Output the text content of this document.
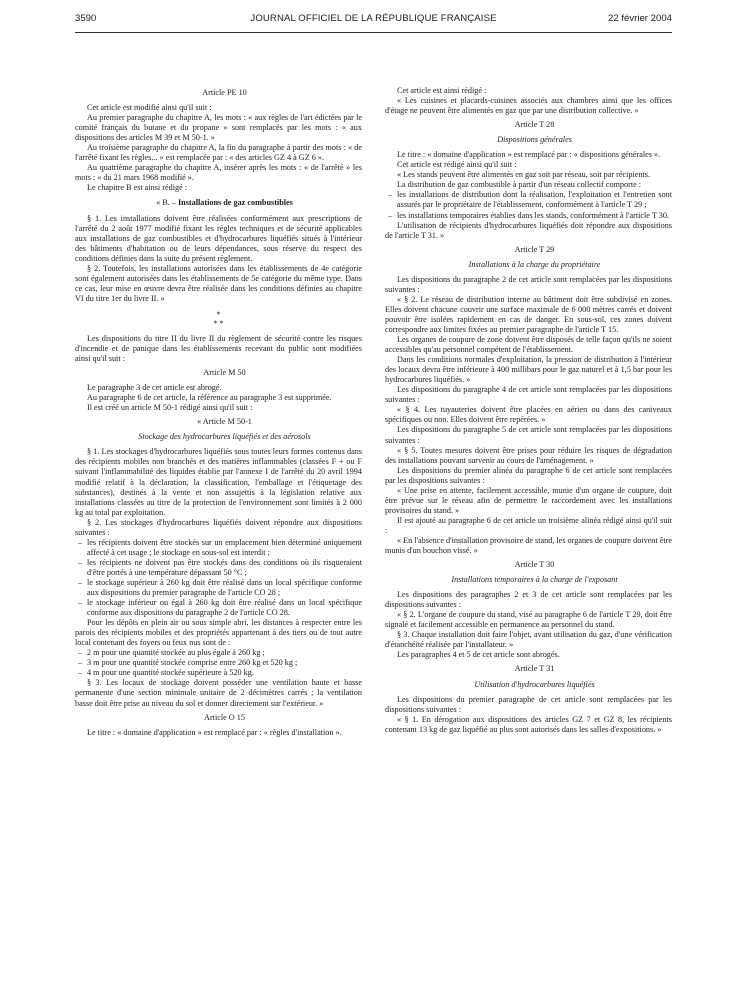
3590	JOURNAL OFFICIEL DE LA RÉPUBLIQUE FRANÇAISE	22 février 2004

Article PE 10

Cet article est modifié ainsi qu'il suit :

Au premier paragraphe du chapitre A, les mots : « aux règles de l'art édictées par le comité français du butane et du propane » sont remplacés par les mots : « aux dispositions des articles M 39 et M 50-1. »

Au troisième paragraphe du chapitre A, la fin du paragraphe à partir des mots : « de l'arrêté fixant les règles... » est remplacée par : « des articles GZ 4 à GZ 6 ».

Au quatrième paragraphe du chapitre A, insérer après les mots : « de l'arrêté » les mots : « du 21 mars 1968 modifié ».

Le chapitre B est ainsi rédigé :

« B. – Installations de gaz combustibles

§ 1. Les installations doivent être réalisées conformément aux prescriptions de l'arrêté du 2 août 1977 modifié fixant les règles techniques et de sécurité applicables aux installations de gaz combustibles et d'hydrocarbures liquéfiés situés à l'intérieur des bâtiments d'habitation ou de leurs dépendances, sous réserve du respect des conditions définies dans la suite du présent règlement.

§ 2. Toutefois, les installations autorisées dans les établissements de 4e catégorie sont également autorisées dans les établissements de 5e catégorie du même type. Dans ce cas, leur mise en œuvre devra être réalisée dans les conditions définies au chapitre VI du titre 1er du livre II. »

*
* *

Les dispositions du titre II du livre II du règlement de sécurité contre les risques d'incendie et de panique dans les établissements recevant du public sont modifiées ainsi qu'il suit :

Article M 50

Le paragraphe 3 de cet article est abrogé.

Au paragraphe 6 de cet article, la référence au paragraphe 3 est supprimée.

Il est créé un article M 50-1 rédigé ainsi qu'il suit :

« Article M 50-1

Stockage des hydrocarbures liquéfiés et des aérosols

§ 1. Les stockages d'hydrocarbures liquéfiés sous toutes leurs formes contenus dans des récipients mobiles non branchés et des matières inflammables (classées F + ou F suivant l'inflammabilité des liquides établie par l'annexe I de l'arrêté du 20 avril 1994 modifié relatif à la déclaration, la classification, l'emballage et l'étiquetage des substances), destinés à la vente et non assujettis à la législation relative aux installations classées au titre de la protection de l'environnement sont limités à 2 000 kg au total par exploitation.

§ 2. Les stockages d'hydrocarbures liquéfiés doivent répondre aux dispositions suivantes :

– les récipients doivent être stockés sur un emplacement bien déterminé uniquement affecté à cet usage ; le stockage en sous-sol est interdit ;

– les récipients ne doivent pas être stockés dans des conditions où ils risqueraient d'être portés à une température dépassant 50 °C ;

– le stockage supérieur à 260 kg doit être réalisé dans un local spécifique conforme aux dispositions du premier paragraphe de l'article CO 28 ;

– le stockage inférieur ou égal à 260 kg doit être réalisé dans un local spécifique conforme aux dispositions du paragraphe 2 de l'article CO 28.

Pour les dépôts en plein air ou sous simple abri, les distances à respecter entre les parois des récipients mobiles et des propriétés appartenant à des tiers ou de tout autre local contenant des foyers ou feux nus sont de :

– 2 m pour une quantité stockée au plus égale à 260 kg ;

– 3 m pour une quantité stockée comprise entre 260 kg et 520 kg ;

– 4 m pour une quantité stockée supérieure à 520 kg.

§ 3. Les locaux de stockage doivent posséder une ventilation haute et basse permanente d'une section minimale unitaire de 2 décimètres carrés ; la ventilation basse doit être prise au niveau du sol et donner directement sur l'extérieur. »

Article O 15

Le titre : « domaine d'application » est remplacé par : « règles d'installation ».

Cet article est ainsi rédigé :

« Les cuisines et placards-cuisines associés aux chambres ainsi que les offices d'étage ne peuvent être alimentés en gaz que par une distribution collective. »

Article T 28

Dispositions générales

Le titre : « domaine d'application » est remplacé par : « dispositions générales ».

Cet article est rédigé ainsi qu'il suit :

« Les stands peuvent être alimentés en gaz soit par réseau, soit par récipients.

La distribution de gaz combustible à partir d'un réseau collectif comporte :

– les installations de distribution dont la réalisation, l'exploitation et l'entretien sont assurés par le propriétaire de l'établissement, conformément à l'article T 29 ;

– les installations temporaires établies dans les stands, conformément à l'article T 30.

L'utilisation de récipients d'hydrocarbures liquéfiés doit répondre aux dispositions de l'article T 31. »

Article T 29

Installations à la charge du propriétaire

Les dispositions du paragraphe 2 de cet article sont remplacées par les dispositions suivantes :

« § 2. Le réseau de distribution interne au bâtiment doit être subdivisé en zones. Elles doivent chacune couvrir une surface maximale de 6 000 mètres carrés et doivent pouvoir être isolées rapidement en cas de danger. En sous-sol, ces zones doivent correspondre aux limites fixées au premier paragraphe de l'article T 15.

Les organes de coupure de zone doivent être disposés de telle façon qu'ils ne soient accessibles qu'au personnel compétent de l'établissement.

Dans les conditions normales d'exploitation, la pression de distribution à l'intérieur des locaux devra être inférieure à 400 millibars pour le gaz naturel et à 1,5 bar pour les hydrocarbures liquéfiés. »

Les dispositions du paragraphe 4 de cet article sont remplacées par les dispositions suivantes :

« § 4. Les tuyauteries doivent être placées en aérien ou dans des caniveaux spécifiques ou non. Elles doivent être repérées. »

Les dispositions du paragraphe 5 de cet article sont remplacées par les dispositions suivantes :

« § 5. Toutes mesures doivent être prises pour réduire les risques de dégradation des installations pouvant survenir au cours de l'aménagement. »

Les dispositions du premier alinéa du paragraphe 6 de cet article sont remplacées par les dispositions suivantes :

« Une prise en attente, facilement accessible, munie d'un organe de coupure, doit être prévue sur le réseau afin de permettre le raccordement avec les installations provisoires du stand. »

Il est ajouté au paragraphe 6 de cet article un troisième alinéa rédigé ainsi qu'il suit :

« En l'absence d'installation provisoire de stand, les organes de coupure doivent être munis d'un bouchon vissé. »

Article T 30

Installations temporaires à la charge de l'exposant

Les dispositions des paragraphes 2 et 3 de cet article sont remplacées par les dispositions suivantes :

« § 2. L'organe de coupure du stand, visé au paragraphe 6 de l'article T 29, doit être signalé et facilement accessible en permanence au personnel du stand.

§ 3. Chaque installation doit faire l'objet, avant utilisation du gaz, d'une vérification d'étanchéité réalisée par l'installateur. »

Les paragraphes 4 et 5 de cet article sont abrogés.

Article T 31

Utilisation d'hydrocarbures liquéfiés

Les dispositions du premier paragraphe de cet article sont remplacées par les dispositions suivantes :

« § 1. En dérogation aux dispositions des articles GZ 7 et GZ 8, les récipients contenant 13 kg de gaz liquéfié au plus sont autorisés dans les salles d'expositions. »
